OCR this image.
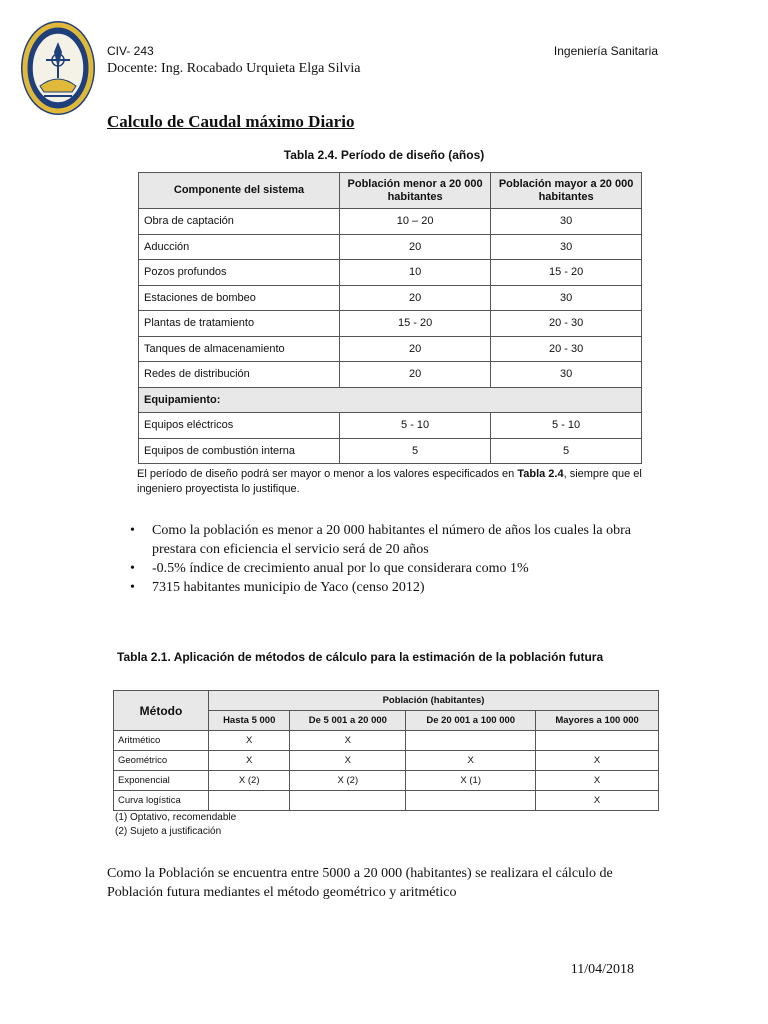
CIV- 243	Ingeniería Sanitaria
Docente: Ing. Rocabado Urquieta Elga Silvia
Calculo de Caudal máximo Diario
Tabla 2.4. Período de diseño (años)
Componente del sistema	Población menor a 20 000 habitantes	Población mayor a 20 000 habitantes
Obra de captación	10 – 20	30
Aducción	20	30
Pozos profundos	10	15 - 20
Estaciones de bombeo	20	30
Plantas de tratamiento	15 - 20	20 - 30
Tanques de almacenamiento	20	20 - 30
Redes de distribución	20	30
Equipamiento:		
Equipos eléctricos	5 - 10	5 - 10
Equipos de combustión interna	5	5
El período de diseño podrá ser mayor o menor a los valores especificados en Tabla 2.4, siempre que el ingeniero proyectista lo justifique.
• Como la población es menor a 20 000 habitantes el número de años los cuales la obra prestara con eficiencia el servicio será de 20 años
• -0.5% índice de crecimiento anual por lo que considerara como 1%
• 7315 habitantes municipio de Yaco (censo 2012)
Tabla 2.1. Aplicación de métodos de cálculo para la estimación de la población futura
Método	Población (habitantes)			
	Hasta 5 000	De 5 001 a 20 000	De 20 001 a 100 000	Mayores a 100 000
Aritmético	X	X		
Geométrico	X	X	X	X
Exponencial	X (2)	X (2)	X (1)	X
Curva logística				X
(1) Optativo, recomendable
(2) Sujeto a justificación
Como la Población se encuentra entre 5000 a 20 000 (habitantes) se realizara el cálculo de Población futura mediantes el método geométrico y aritmético
11/04/2018
